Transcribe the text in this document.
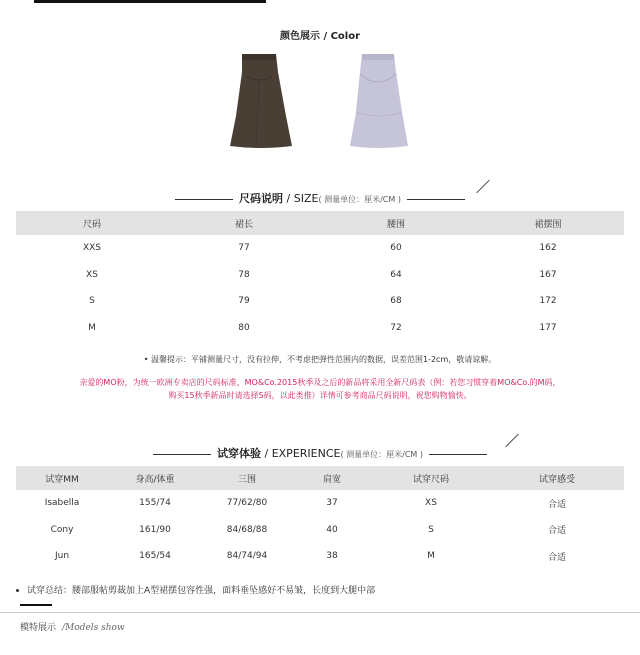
颜色展示 / Color
尺码说明 / SIZE( 测量单位：厘米/CM )
尺码	裙长	腰围	裙摆围
XXS	77	60	162
XS	78	64	167
S	79	68	172
M	80	72	177
• 温馨提示：平铺测量尺寸，没有拉伸，不考虑把弹性范围内的数据，误差范围1-2cm，敬请谅解。
亲爱的MO粉，为统一欧洲专卖店的尺码标准，MO&Co.2015秋季及之后的新品将采用全新尺码表（例：若您习惯穿着MO&Co.的M码，
购买15秋季新品时请选择S码，以此类推）详情可参考商品尺码说明，祝您购物愉快。
试穿体验 / EXPERIENCE( 测量单位：厘米/CM )
试穿MM	身高/体重	三围	肩宽	试穿尺码	试穿感受
Isabella	155/74	77/62/80	37	XS	合适
Cony	161/90	84/68/88	40	S	合适
Jun	165/54	84/74/94	38	M	合适
试穿总结：腰部服帖剪裁加上A型裙摆包容性强，面料垂坠感好不易皱，长度到大腿中部
模特展示 /Models show
